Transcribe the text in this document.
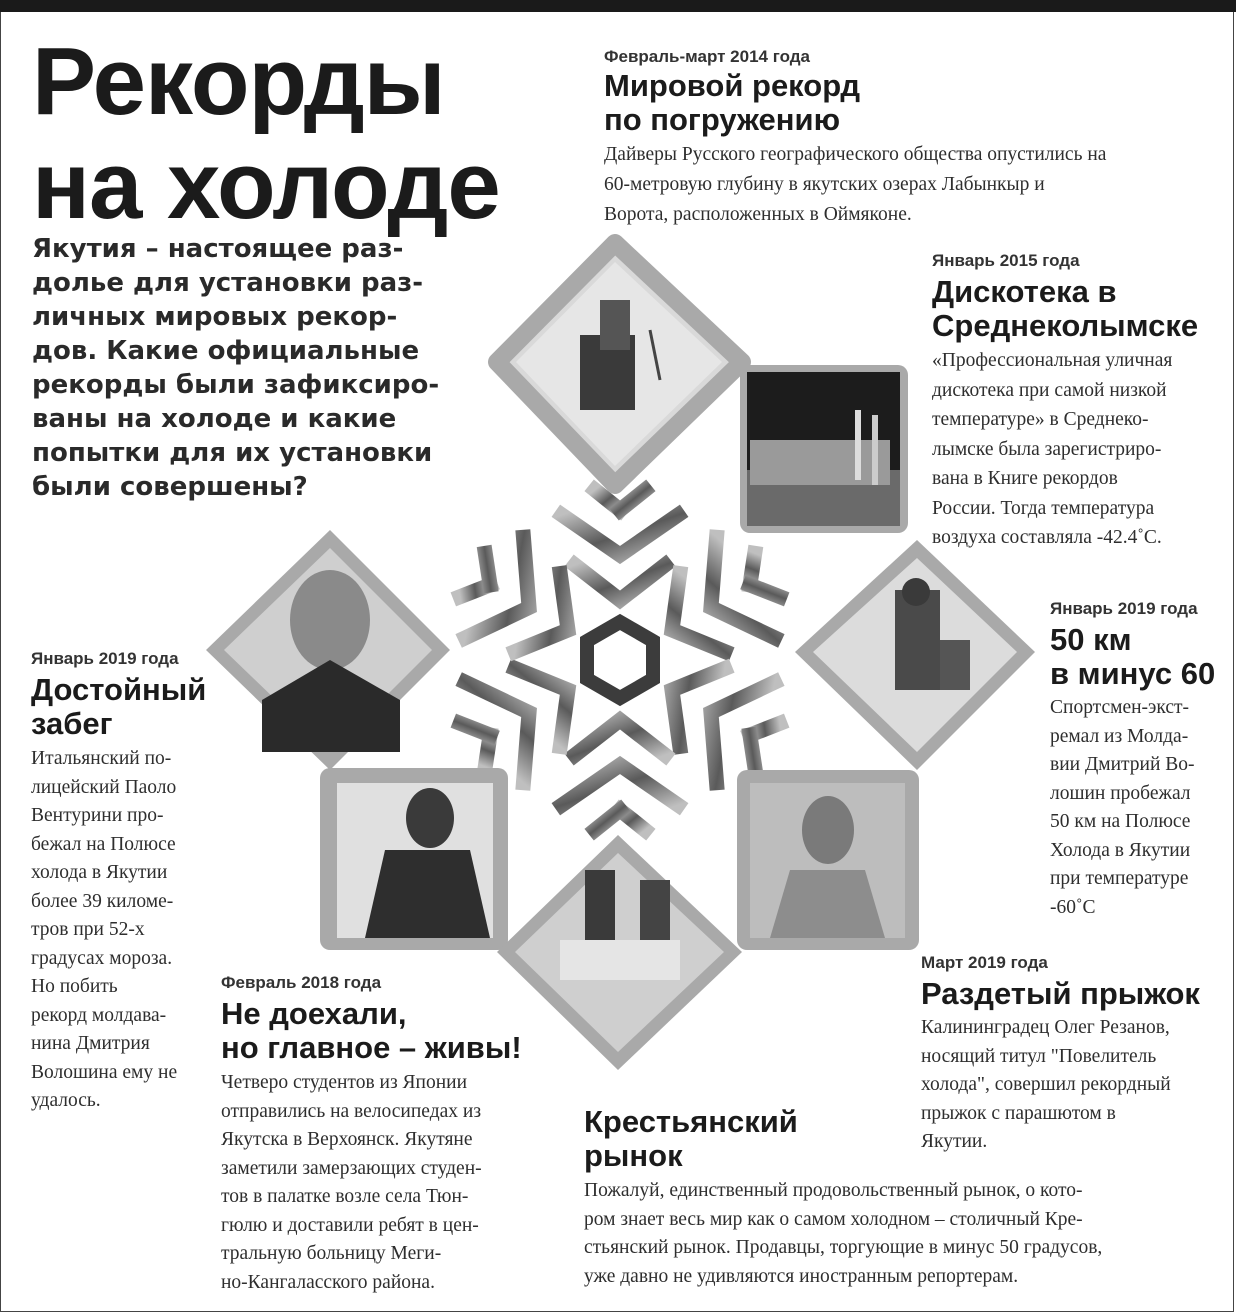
Рекорды
на холоде
Якутия – настоящее раз-
долье для установки раз-
личных мировых рекор-
дов. Какие официальные
рекорды были зафиксиро-
ваны на холоде и какие
попытки для их установки
были совершены?
Февраль-март 2014 года
Мировой рекорд
по погружению
Дайверы Русского географического общества опустились на
60-метровую глубину в якутских озерах Лабынкыр и
Ворота, расположенных в Оймяконе.
Январь 2015 года
Дискотека в
Среднеколымске
«Профессиональная уличная
дискотека при самой низкой
температуре» в Среднеко-
лымске была зарегистриро-
вана в Книге рекордов
России. Тогда температура
воздуха составляла -42.4˚С.
Январь 2019 года
50 км
в минус 60
Спортсмен-экст-
ремал из Молда-
вии Дмитрий Во-
лошин пробежал
50 км на Полюсе
Холода в Якутии
при температуре
-60˚С
Январь 2019 года
Достойный
забег
Итальянский по-
лицейский Паоло
Вентурини про-
бежал на Полюсе
холода в Якутии
более 39 киломе-
тров при 52-х
градусах мороза.
Но побить
рекорд молдава-
нина Дмитрия
Волошина ему не
удалось.
Март 2019 года
Раздетый прыжок
Калининградец Олег Резанов,
носящий титул "Повелитель
холода", совершил рекордный
прыжок с парашютом в
Якутии.
Февраль 2018 года
Не доехали,
но главное – живы!
Четверо студентов из Японии
отправились на велосипедах из
Якутска в Верхоянск. Якутяне
заметили замерзающих студен-
тов в палатке возле села Тюн-
гюлю и доставили ребят в цен-
тральную больницу Меги-
но-Кангаласского района.
Крестьянский
рынок
Пожалуй, единственный продовольственный рынок, о кото-
ром знает весь мир как о самом холодном – столичный Кре-
стьянский рынок. Продавцы, торгующие в минус 50 градусов,
уже давно не удивляются иностранным репортерам.
